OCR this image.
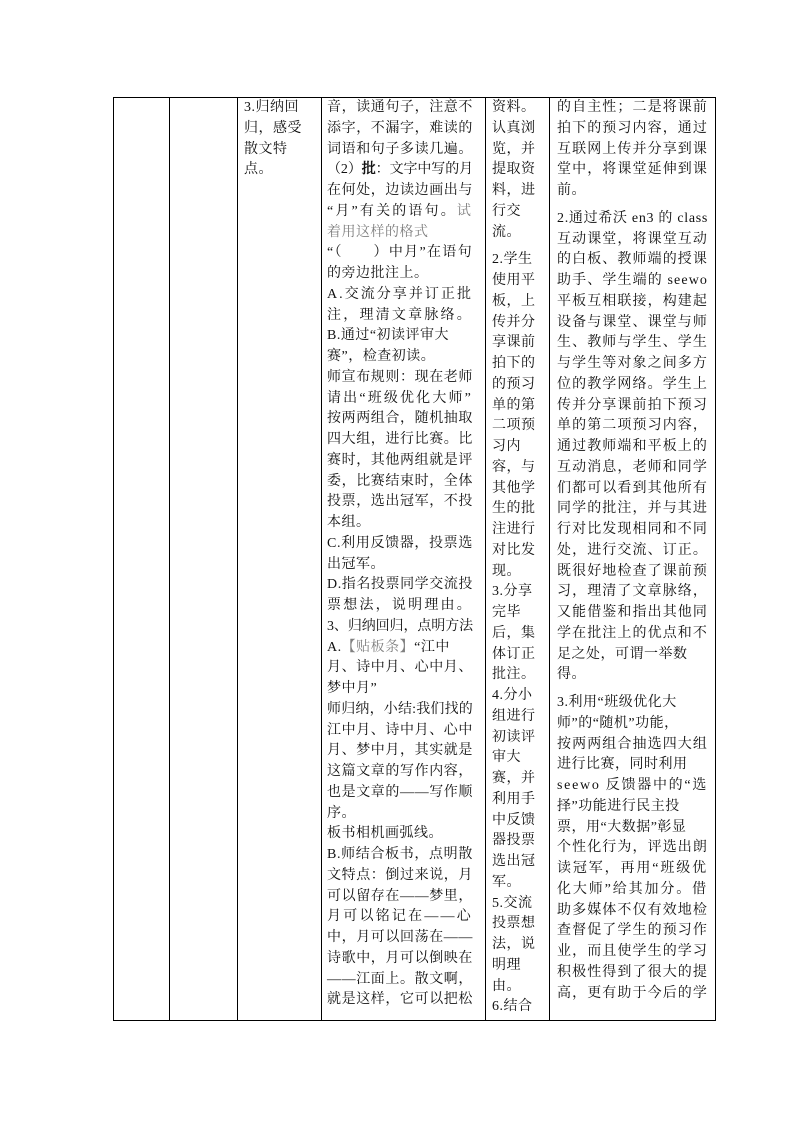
3.归纳回
归，感受
散文特
点。
音，读通句子，注意不
添字，不漏字，难读的
词语和句子多读几遍。
（2）批：文字中写的月
在何处，边读边画出与
“月”有关的语句。试
着用这样的格式
“（　　）中月”在语句
的旁边批注上。
A.交流分享并订正批
注，理清文章脉络。
B.通过“初读评审大
赛”，检查初读。
师宣布规则：现在老师
请出“班级优化大师”
按两两组合，随机抽取
四大组，进行比赛。比
赛时，其他两组就是评
委，比赛结束时，全体
投票，选出冠军，不投
本组。
C.利用反馈器，投票选
出冠军。
D.指名投票同学交流投
票想法，说明理由。
3、归纳回归，点明方法
A.【贴板条】“江中
月、诗中月、心中月、
梦中月”
师归纳，小结:我们找的
江中月、诗中月、心中
月、梦中月，其实就是
这篇文章的写作内容，
也是文章的——写作顺
序。
板书相机画弧线。
B.师结合板书，点明散
文特点：倒过来说，月
可以留存在——梦里，
月可以铭记在——心
中，月可以回荡在——
诗歌中，月可以倒映在
——江面上。散文啊，
就是这样，它可以把松
资料。
认真浏
览，并
提取资
料，进
行交
流。
2.学生
使用平
板，上
传并分
享课前
拍下的
的预习
单的第
二项预
习内
容，与
其他学
生的批
注进行
对比发
现。
3.分享
完毕
后，集
体订正
批注。
4.分小
组进行
初读评
审大
赛，并
利用手
中反馈
器投票
选出冠
军。
5.交流
投票想
法，说
明理
由。
6.结合
的自主性；二是将课前
拍下的预习内容，通过
互联网上传并分享到课
堂中，将课堂延伸到课
前。
2.通过希沃 en3 的 class
互动课堂，将课堂互动
的白板、教师端的授课
助手、学生端的 seewo
平板互相联接，构建起
设备与课堂、课堂与师
生、教师与学生、学生
与学生等对象之间多方
位的教学网络。学生上
传并分享课前拍下预习
单的第二项预习内容，
通过教师端和平板上的
互动消息，老师和同学
们都可以看到其他所有
同学的批注，并与其进
行对比发现相同和不同
处，进行交流、订正。
既很好地检查了课前预
习，理清了文章脉络，
又能借鉴和指出其他同
学在批注上的优点和不
足之处，可谓一举数
得。
3.利用“班级优化大
师”的“随机”功能，
按两两组合抽选四大组
进行比赛，同时利用
seewo 反馈器中的“选
择”功能进行民主投
票，用“大数据”彰显
个性化行为，评选出朗
读冠军，再用“班级优
化大师”给其加分。借
助多媒体不仅有效地检
查督促了学生的预习作
业，而且使学生的学习
积极性得到了很大的提
高，更有助于今后的学
